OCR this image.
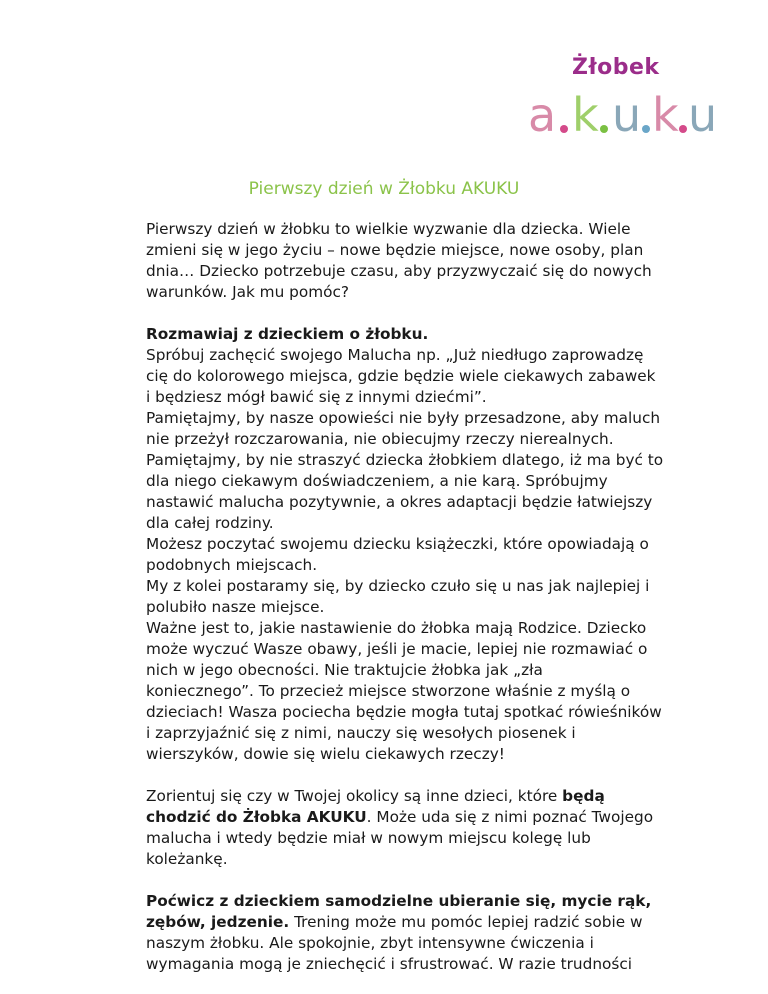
Żłobek
a k u k u
Pierwszy dzień w Żłobku AKUKU

Pierwszy dzień w żłobku to wielkie wyzwanie dla dziecka. Wiele

zmieni się w jego życiu – nowe będzie miejsce, nowe osoby, plan

dnia… Dziecko potrzebuje czasu, aby przyzwyczaić się do nowych

warunków. Jak mu pomóc?

Rozmawiaj z dzieckiem o żłobku.

Spróbuj zachęcić swojego Malucha np. „Już niedługo zaprowadzę

cię do kolorowego miejsca, gdzie będzie wiele ciekawych zabawek

i będziesz mógł bawić się z innymi dziećmi”.

Pamiętajmy, by nasze opowieści nie były przesadzone, aby maluch

nie przeżył rozczarowania, nie obiecujmy rzeczy nierealnych.

Pamiętajmy, by nie straszyć dziecka żłobkiem dlatego, iż ma być to

dla niego ciekawym doświadczeniem, a nie karą. Spróbujmy

nastawić malucha pozytywnie, a okres adaptacji będzie łatwiejszy

dla całej rodziny.

Możesz poczytać swojemu dziecku książeczki, które opowiadają o

podobnych miejscach.

My z kolei postaramy się, by dziecko czuło się u nas jak najlepiej i

polubiło nasze miejsce.

Ważne jest to, jakie nastawienie do żłobka mają Rodzice. Dziecko

może wyczuć Wasze obawy, jeśli je macie, lepiej nie rozmawiać o

nich w jego obecności. Nie traktujcie żłobka jak „zła

koniecznego”. To przecież miejsce stworzone właśnie z myślą o

dzieciach! Wasza pociecha będzie mogła tutaj spotkać rówieśników

i zaprzyjaźnić się z nimi, nauczy się wesołych piosenek i

wierszyków, dowie się wielu ciekawych rzeczy!

Zorientuj się czy w Twojej okolicy są inne dzieci, które będą

chodzić do Żłobka AKUKU. Może uda się z nimi poznać Twojego

malucha i wtedy będzie miał w nowym miejscu kolegę lub

koleżankę.

Poćwicz z dzieckiem samodzielne ubieranie się, mycie rąk,

zębów, jedzenie. Trening może mu pomóc lepiej radzić sobie w

naszym żłobku. Ale spokojnie, zbyt intensywne ćwiczenia i

wymagania mogą je zniechęcić i sfrustrować. W razie trudności
